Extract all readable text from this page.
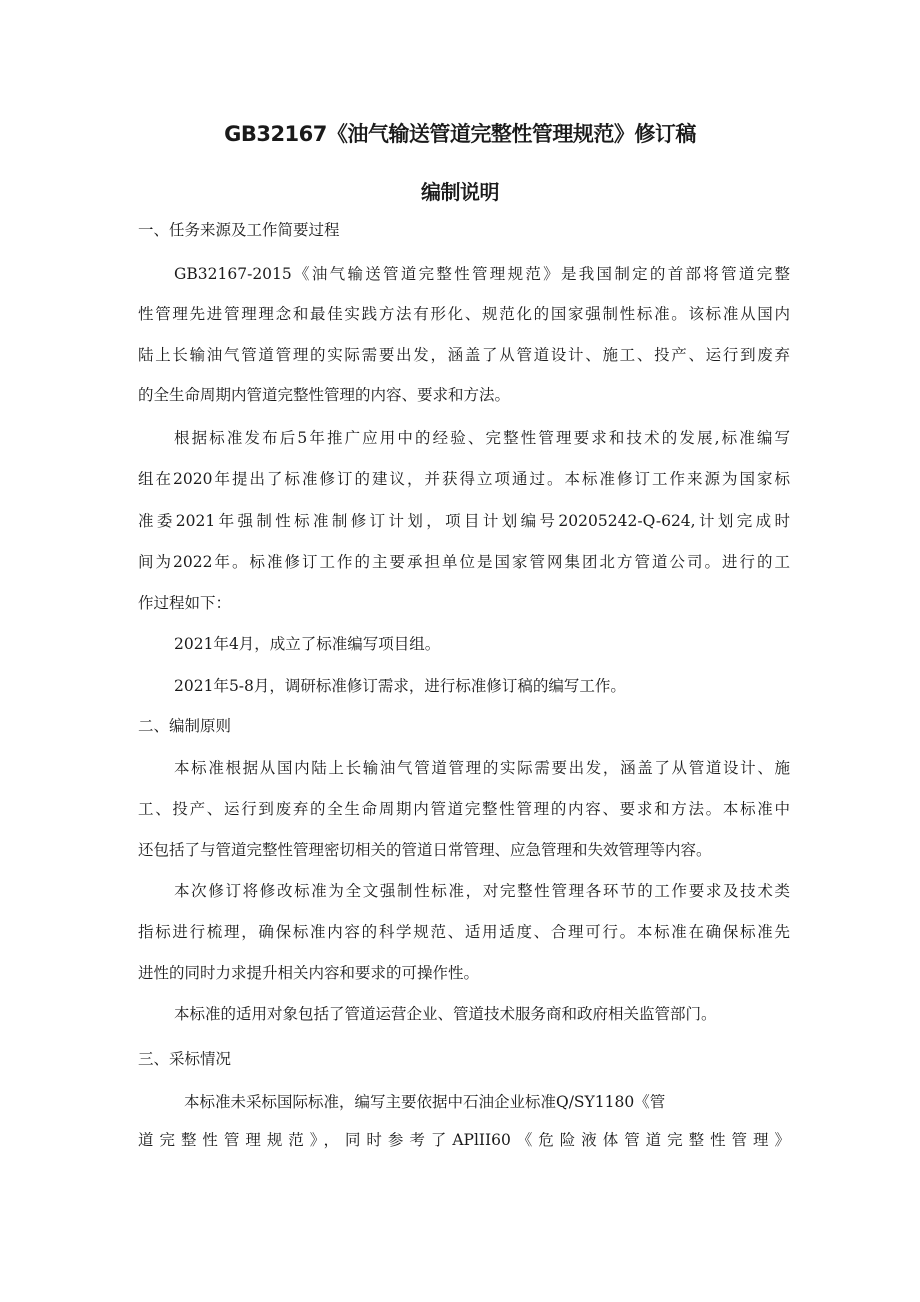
GB32167《油气输送管道完整性管理规范》修订稿
编制说明

一、任务来源及工作简要过程

GB32167-2015《油气输送管道完整性管理规范》是我国制定的首部将管道完整

性管理先进管理理念和最佳实践方法有形化、规范化的国家强制性标准。该标准从国内

陆上长输油气管道管理的实际需要出发，涵盖了从管道设计、施工、投产、运行到废弃

的全生命周期内管道完整性管理的内容、要求和方法。

根据标准发布后5年推广应用中的经验、完整性管理要求和技术的发展,标准编写

组在2020年提出了标准修订的建议，并获得立项通过。本标准修订工作来源为国家标

准委2021年强制性标准制修订计划，项目计划编号20205242-Q-624,计划完成时

间为2022年。标准修订工作的主要承担单位是国家管网集团北方管道公司。进行的工

作过程如下：

2021年4月，成立了标准编写项目组。

2021年5-8月，调研标准修订需求，进行标准修订稿的编写工作。

二、编制原则

本标准根据从国内陆上长输油气管道管理的实际需要出发，涵盖了从管道设计、施

工、投产、运行到废弃的全生命周期内管道完整性管理的内容、要求和方法。本标准中

还包括了与管道完整性管理密切相关的管道日常管理、应急管理和失效管理等内容。

本次修订将修改标准为全文强制性标准，对完整性管理各环节的工作要求及技术类

指标进行梳理，确保标准内容的科学规范、适用适度、合理可行。本标准在确保标准先

进性的同时力求提升相关内容和要求的可操作性。

本标准的适用对象包括了管道运营企业、管道技术服务商和政府相关监管部门。

三、采标情况

本标准未采标国际标准，编写主要依据中石油企业标准Q/SY1180《管

道完整性管理规范》，同时参考了APlII60《危险液体管道完整性管理》
